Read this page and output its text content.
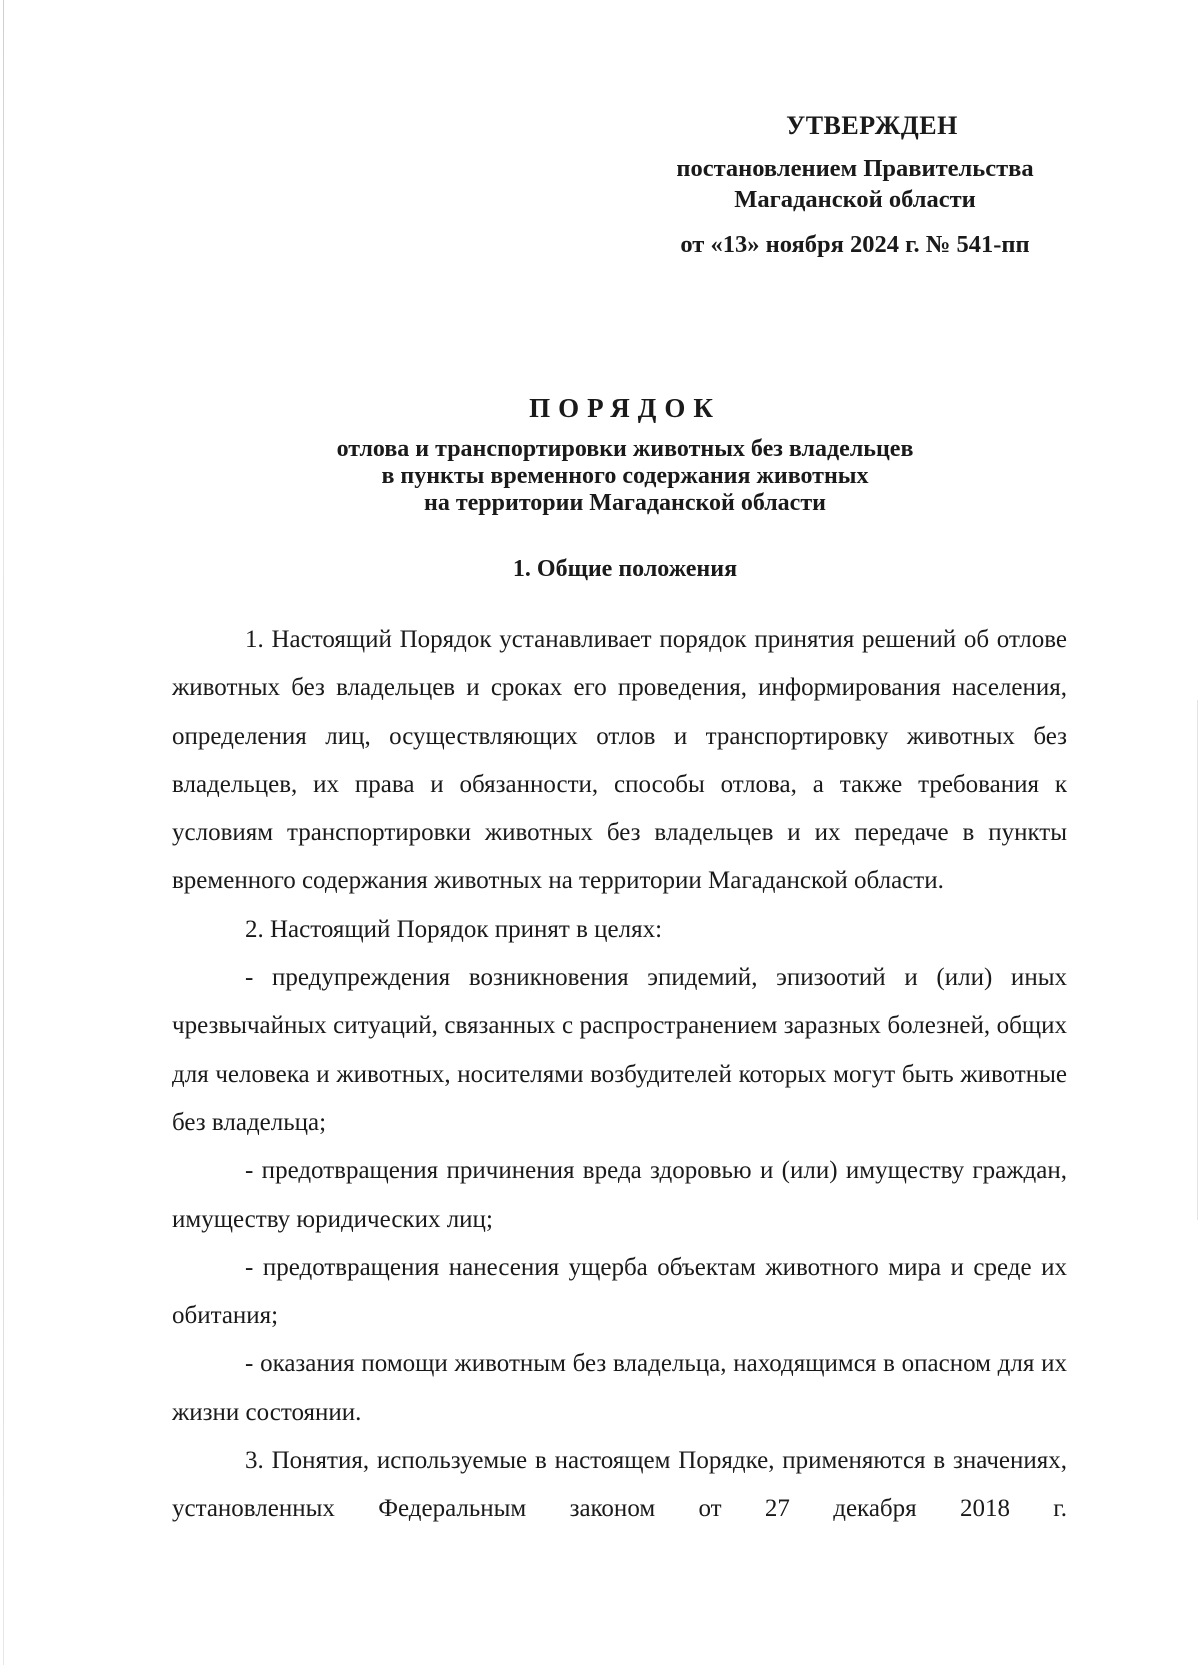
УТВЕРЖДЕН
постановлением Правительства
Магаданской области
от «13» ноября 2024 г. № 541-пп
ПОРЯДОК
отлова и транспортировки животных без владельцев
в пункты временного содержания животных
на территории Магаданской области
1. Общие положения

1. Настоящий Порядок устанавливает порядок принятия решений об отлове животных без владельцев и сроках его проведения, информирования населения, определения лиц, осуществляющих отлов и транспортировку животных без владельцев, их права и обязанности, способы отлова, а также требования к условиям транспортировки животных без владельцев и их передаче в пункты временного содержания животных на территории Магаданской области.

2. Настоящий Порядок принят в целях:

- предупреждения возникновения эпидемий, эпизоотий и (или) иных чрезвычайных ситуаций, связанных с распространением заразных болезней, общих для человека и животных, носителями возбудителей которых могут быть животные без владельца;

- предотвращения причинения вреда здоровью и (или) имуществу граждан, имуществу юридических лиц;

- предотвращения нанесения ущерба объектам животного мира и среде их обитания;

- оказания помощи животным без владельца, находящимся в опасном для их жизни состоянии.

3. Понятия, используемые в настоящем Порядке, применяются в значениях, установленных Федеральным законом от 27 декабря 2018 г.
